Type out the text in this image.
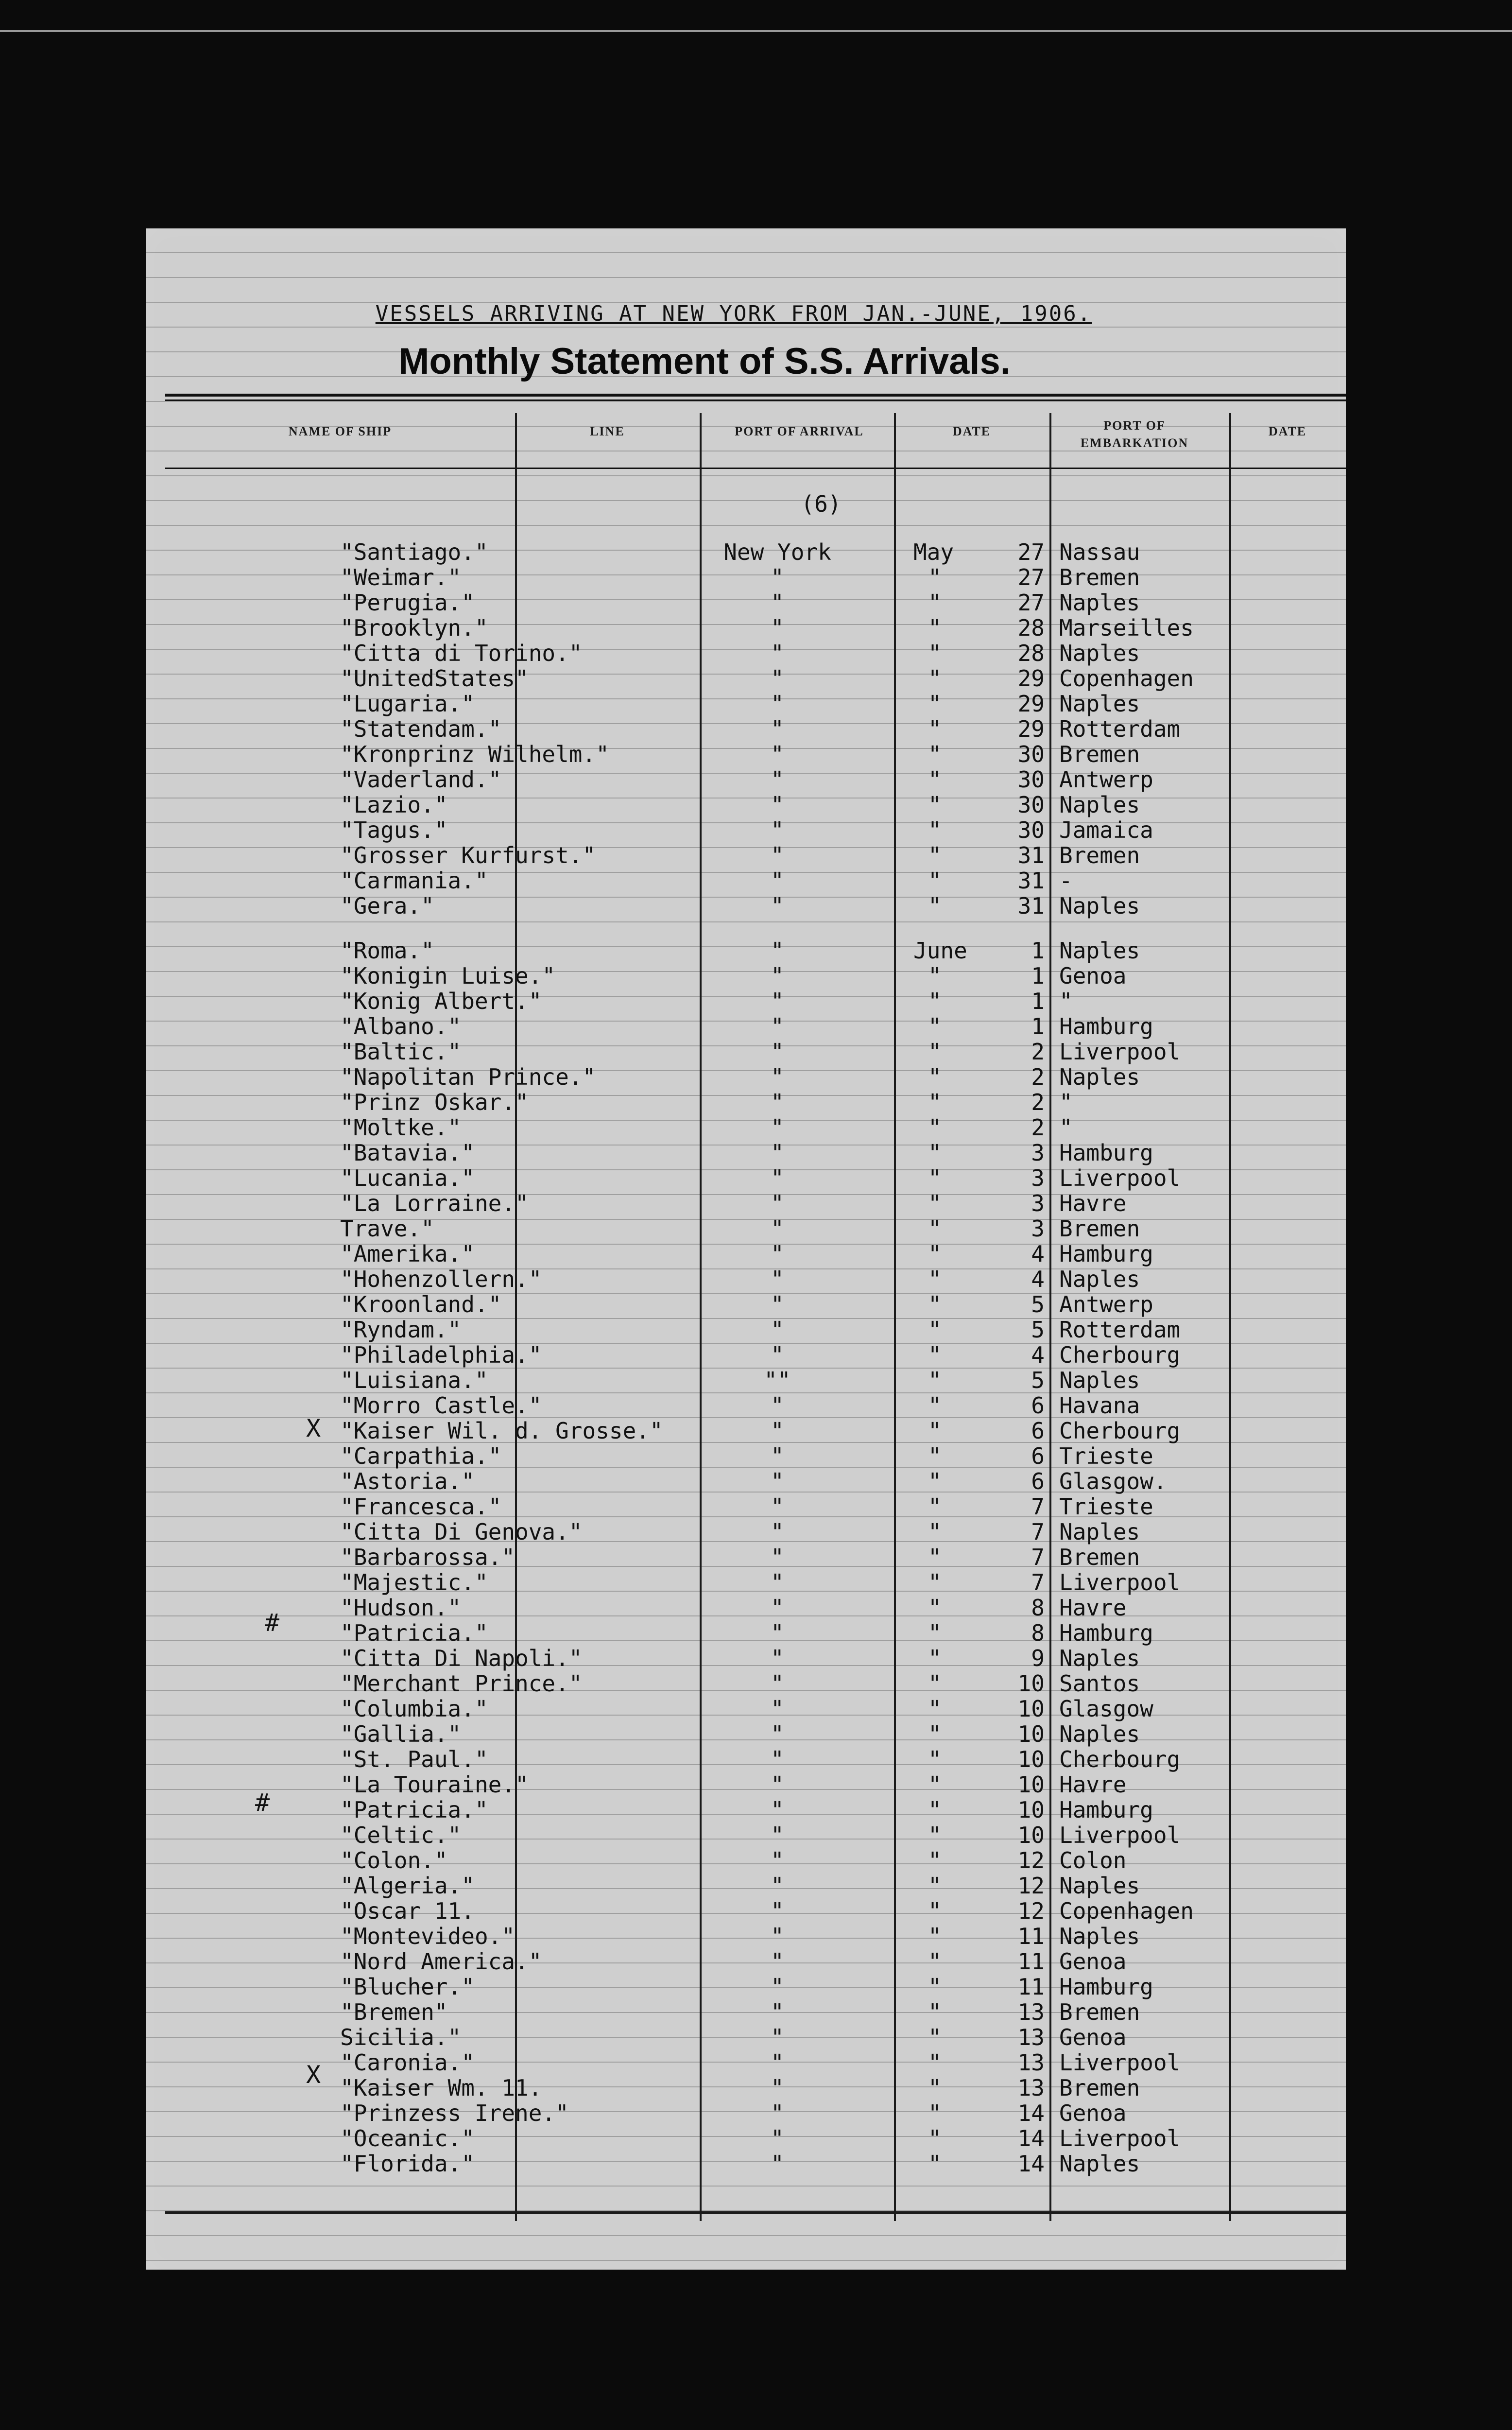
VESSELS ARRIVING AT NEW YORK FROM JAN.-JUNE, 1906.
Monthly Statement of S.S. Arrivals.
NAME OF SHIP	LINE	PORT OF ARRIVAL	DATE	PORT OF EMBARKATION
DATE
(6)
"Santiago."	New York	May	27 Nassau
"Weimar."	"	"	27 Bremen
"Perugia."	"	"	27 Naples
"Brooklyn."	"	"	28 Marseilles
"Citta di Torino."	"	"	28 Naples
"UnitedStates"	"	"	29 Copenhagen
"Lugaria."	"	"	29 Naples
"Statendam."	"	"	29 Rotterdam
"Kronprinz Wilhelm."	"	"	30 Bremen
"Vaderland."	"	"	30 Antwerp
"Lazio."	"	"	30 Naples
"Tagus."	"	"	30 Jamaica
"Grosser Kurfurst."	"	"	31 Bremen
"Carmania."	"	"	31 -
"Gera."	"	"	31 Naples
"Roma."	"	June	1 Naples
"Konigin Luise."	"	"	1 Genoa
"Konig Albert."	"	"	1 "
"Albano."	"	"	1 Hamburg
"Baltic."	"	"	2 Liverpool
"Napolitan Prince."	"	"	2 Naples
"Prinz Oskar."	"	"	2 "
"Moltke."	"	"	2 "
"Batavia."	"	"	3 Hamburg
"Lucania."	"	"	3 Liverpool
"La Lorraine."	"	"	3 Havre
Trave."	"	"	3 Bremen
"Amerika."	"	"	4 Hamburg
"Hohenzollern."	"	"	4 Naples
"Kroonland."	"	"	5 Antwerp
"Ryndam."	"	"	5 Rotterdam
"Philadelphia."	"	"	4 Cherbourg
"Luisiana."	""	"	5 Naples
"Morro Castle."	"	"	6 Havana
"Kaiser Wil. d. Grosse."	"	"	6 Cherbourg
"Carpathia."	"	"	6 Trieste
"Astoria."	"	"	6 Glasgow.
"Francesca."	"	"	7 Trieste
"Citta Di Genova."	"	"	7 Naples
"Barbarossa."	"	"	7 Bremen
"Majestic."	"	"	7 Liverpool
"Hudson."	"	"	8 Havre
"Patricia."	"	"	8 Hamburg
"Citta Di Napoli."	"	"	9 Naples
"Merchant Prince."	"	"	10 Santos
"Columbia."	"	"	10 Glasgow
"Gallia."	"	"	10 Naples
"St. Paul."	"	"	10 Cherbourg
"La Touraine."	"	"	10 Havre
"Patricia."	"	"	10 Hamburg
"Celtic."	"	"	10 Liverpool
"Colon."	"	"	12 Colon
"Algeria."	"	"	12 Naples
"Oscar 11.	"	"	12 Copenhagen
"Montevideo."	"	"	11 Naples
"Nord America."	"	"	11 Genoa
"Blucher."	"	"	11 Hamburg
"Bremen"	"	"	13 Bremen
Sicilia."	"	"	13 Genoa
"Caronia."	"	"	13 Liverpool
"Kaiser Wm. 11.	"	"	13 Bremen
"Prinzess Irene."	"	"	14 Genoa
"Oceanic."	"	"	14 Liverpool
"Florida."	"	"	14 Naples
X
#
#
X
